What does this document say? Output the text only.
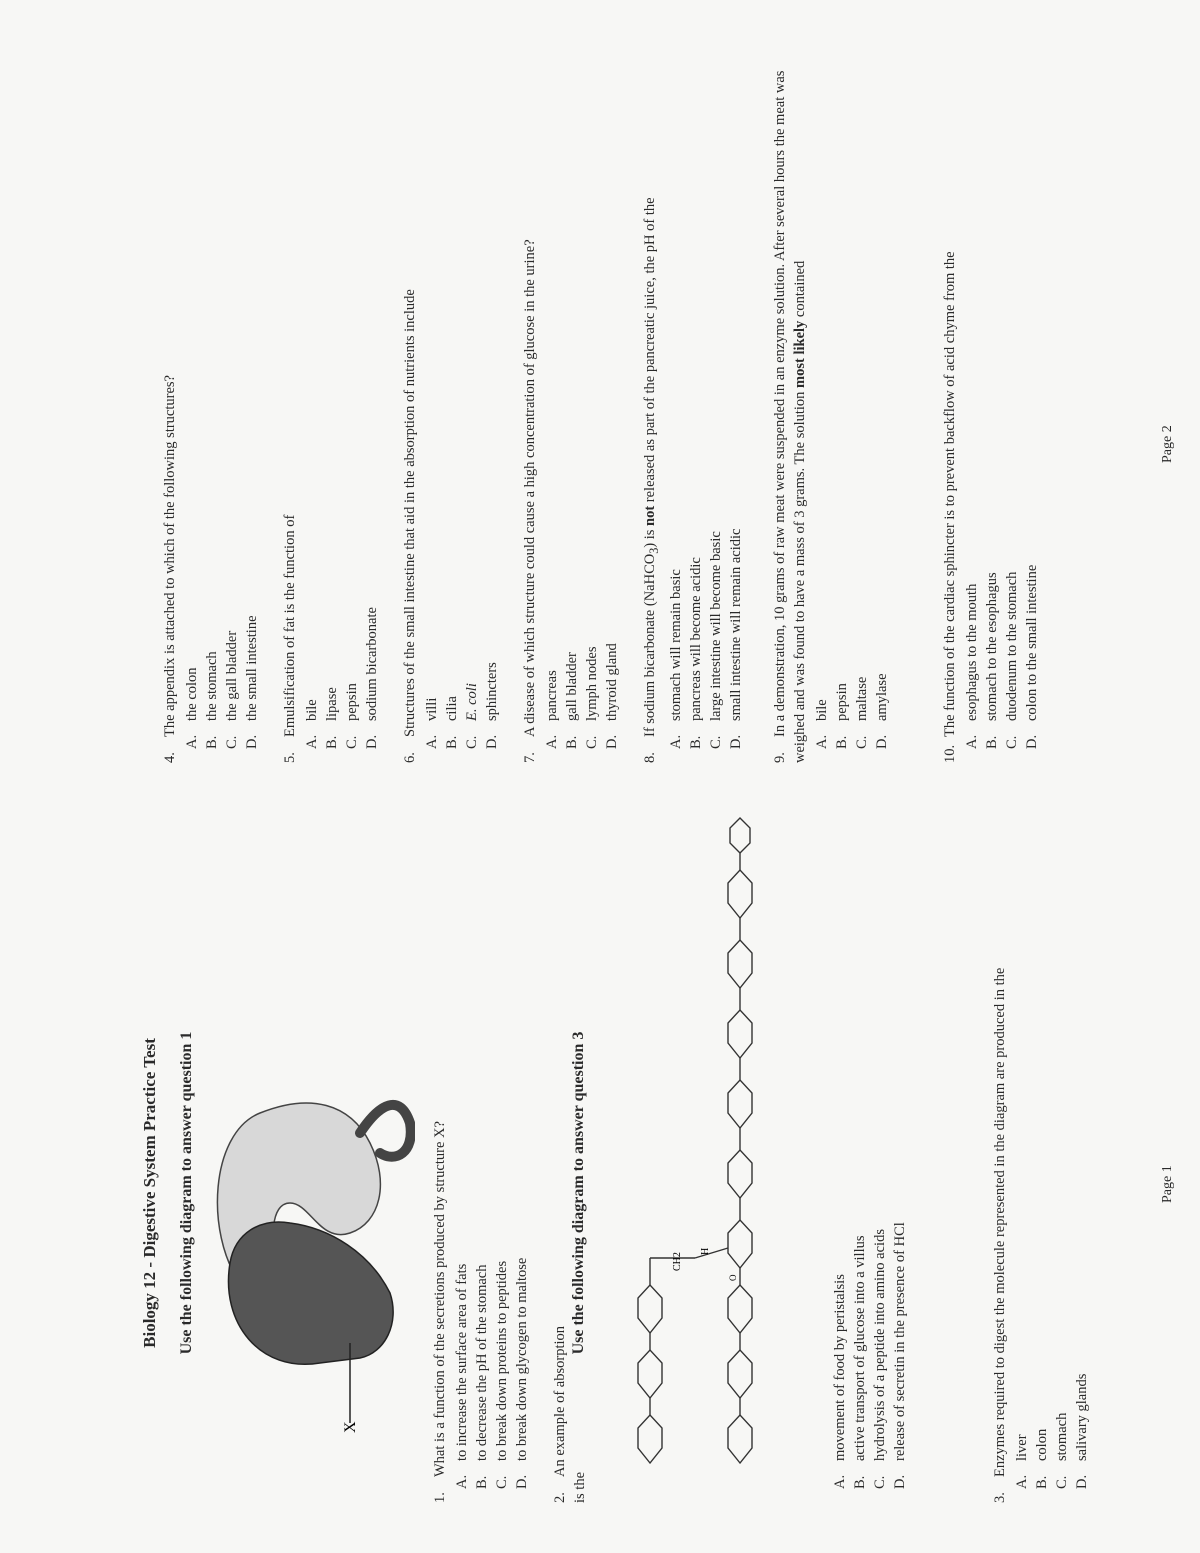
Biology 12 - Digestive System Practice Test Use the following diagram to answer question 1
X

1.What is a function of the secretions produced by structure X?

A.to increase the surface area of fats
B.to decrease the pH of the stomach
C.to break down proteins to peptides
D.to break down glycogen to maltose

2.An example of absorption is the	A.movement of food by peristalsis
B.active transport of glucose into a villus
C.hydrolysis of a peptide into amino acids
D.release of secretin in the presence of HCl
Use the following diagram to answer question 3	CH2
H
O

3.Enzymes required to digest the molecule represented in the diagram are produced in the

A.liver
B.colon
C.stomach
D.salivary glands
Page 1

4.The appendix is attached to which of the following structures?

A.the colon
B.the stomach
C.the gall bladder
D.the small intestine

5.Emulsification of fat is the function of

A.bile
B.lipase
C.pepsin
D.sodium bicarbonate

6.Structures of the small intestine that aid in the absorption of nutrients include

A.villi
B.cilia
C.E. coli
D.sphincters

7.A disease of which structure could cause a high concentration of glucose in the urine?

A.pancreas
B.gall bladder
C.lymph nodes
D.thyroid gland

8.If sodium bicarbonate (NaHCO$_3$) is not released as part of the pancreatic juice, the pH of the

A.stomach will remain basic
B.pancreas will become acidic
C.large intestine will become basic
D.small intestine will remain acidic

9.In a demonstration, 10 grams of raw meat were suspended in an enzyme solution. After several hours the meat was weighed and was found to have a mass of 3 grams. The solution most likely contained

A.bile
B.pepsin
C.maltase
D.amylase

10.The function of the cardiac sphincter is to prevent backflow of acid chyme from the

A.esophagus to the mouth
B.stomach to the esophagus
C.duodenum to the stomach
D.colon to the small intestine
Page 2
